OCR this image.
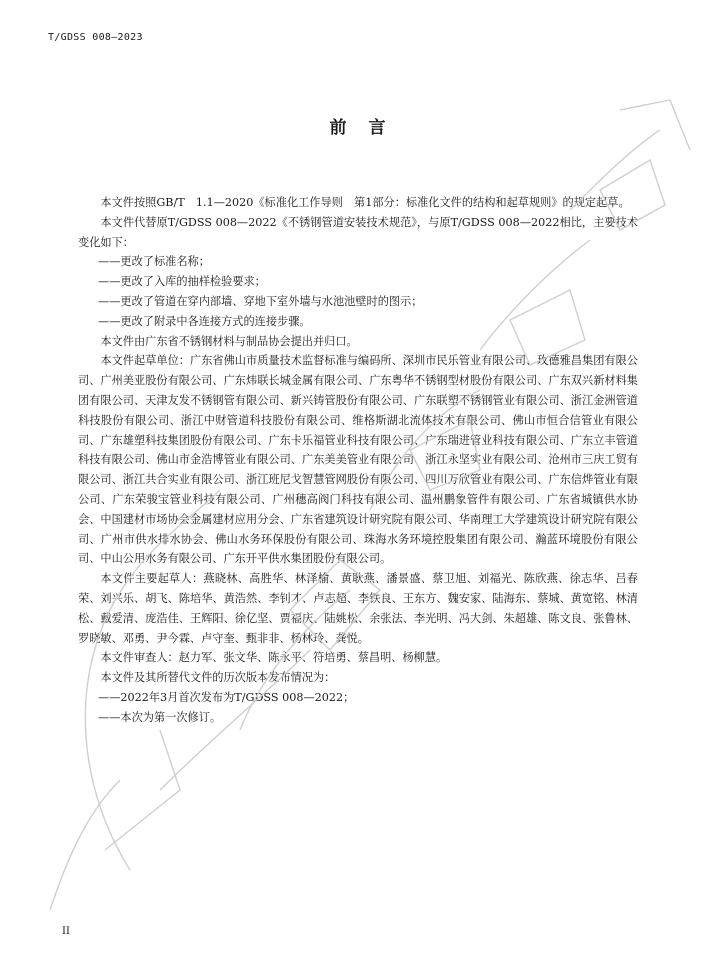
T/GDSS 008—2023
前言

本文件按照GB/T　1.1—2020《标准化工作导则　第1部分：标准化文件的结构和起草规则》的规定起草。

本文件代替原T/GDSS 008—2022《不锈钢管道安装技术规范》，与原T/GDSS 008—2022相比，主要技术变化如下：

——更改了标准名称；

——更改了入库的抽样检验要求；

——更改了管道在穿内部墙、穿地下室外墙与水池池壁时的图示；

——更改了附录中各连接方式的连接步骤。

本文件由广东省不锈钢材料与制品协会提出并归口。

本文件起草单位：广东省佛山市质量技术监督标准与编码所、深圳市民乐管业有限公司、玫德雅昌集团有限公司、广州美亚股份有限公司、广东炜联长城金属有限公司、广东粤华不锈钢型材股份有限公司、广东双兴新材料集团有限公司、天津友发不锈钢管有限公司、新兴铸管股份有限公司、广东联塑不锈钢管业有限公司、浙江金洲管道科技股份有限公司、浙江中财管道科技股份有限公司、维格斯湖北流体技术有限公司、佛山市恒合信管业有限公司、广东雄塑科技集团股份有限公司、广东卡乐福管业科技有限公司、广东瑞进管业科技有限公司、广东立丰管道科技有限公司、佛山市金浩博管业有限公司、广东美美管业有限公司、浙江永坚实业有限公司、沧州市三庆工贸有限公司、浙江共合实业有限公司、浙江班尼戈智慧管网股份有限公司、四川万欣管业有限公司、广东信烨管业有限公司、广东荣骏宝管业科技有限公司、广州穗高阀门科技有限公司、温州鹏象管件有限公司、广东省城镇供水协会、中国建材市场协会金属建材应用分会、广东省建筑设计研究院有限公司、华南理工大学建筑设计研究院有限公司、广州市供水排水协会、佛山水务环保股份有限公司、珠海水务环境控股集团有限公司、瀚蓝环境股份有限公司、中山公用水务有限公司、广东开平供水集团股份有限公司。

本文件主要起草人：燕晓林、高胜华、林泽榆、黄耿燕、潘景盛、蔡卫旭、刘福光、陈欣燕、徐志华、吕春荣、刘兴乐、胡飞、陈培华、黄浩然、李钊才、卢志超、李铁良、王东方、魏安家、陆海东、蔡城、黄宽铭、林清松、戴爱清、庞浩佳、王辉阳、徐亿坚、贾福庆、陆姚松、余张法、李光明、冯大剑、朱超雄、陈文良、张鲁林、罗晓敏、邓勇、尹今霖、卢守奎、甄非非、杨林玲、龚悦。

本文件审查人：赵力军、张文华、陈永平、符培勇、蔡昌明、杨柳慧。

本文件及其所替代文件的历次版本发布情况为：

——2022年3月首次发布为T/GDSS 008—2022；

——本次为第一次修订。

II
